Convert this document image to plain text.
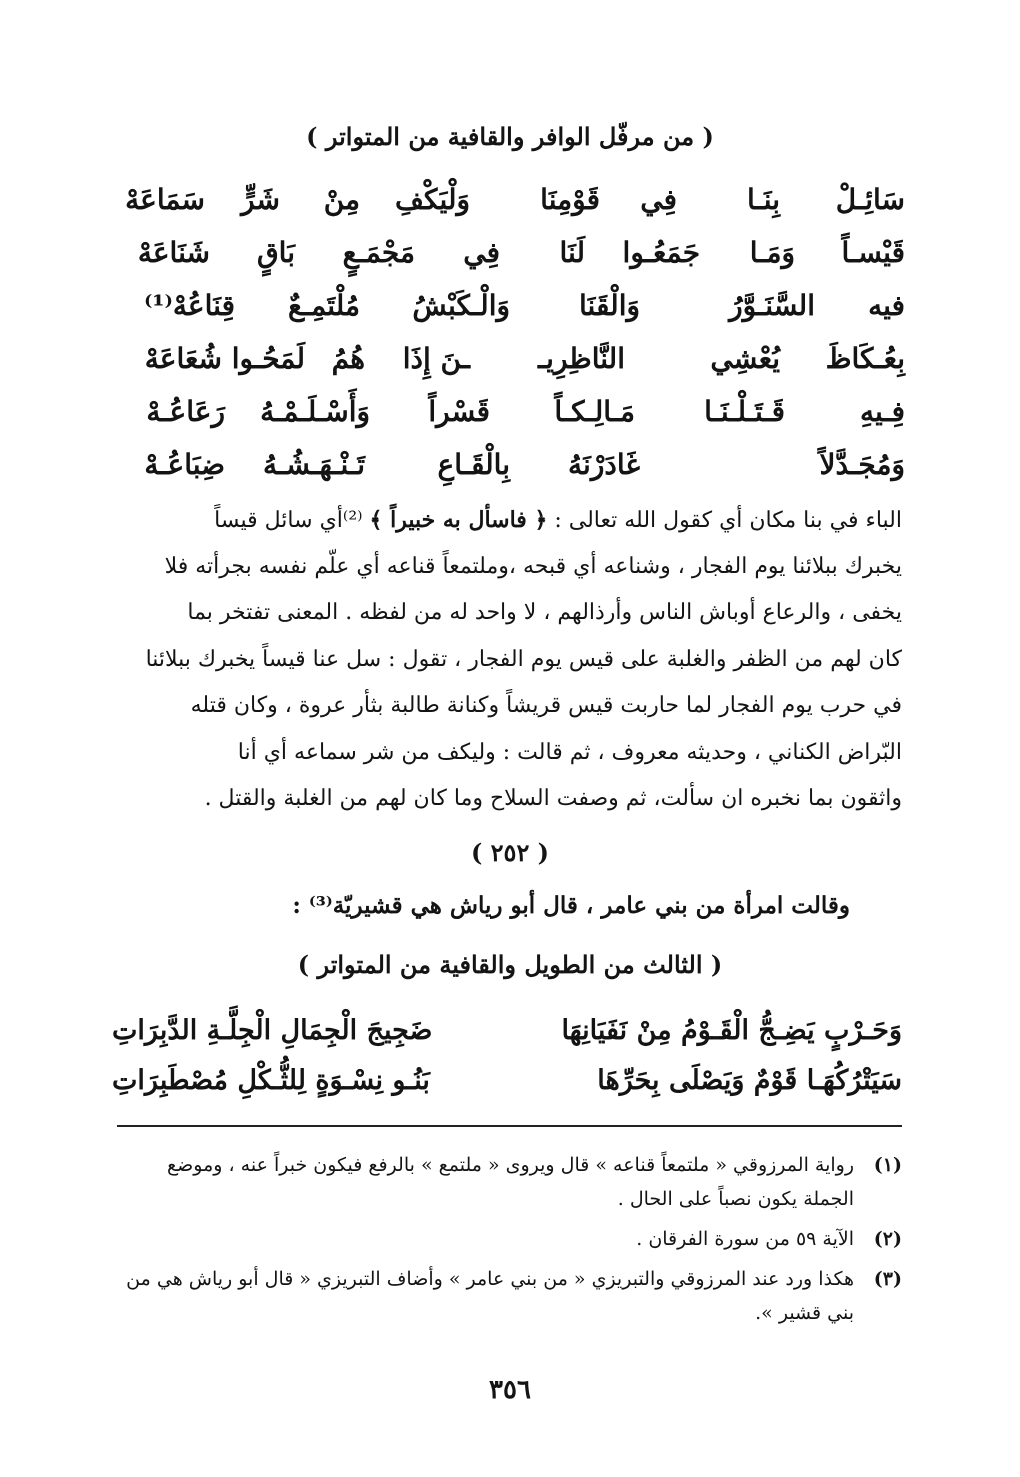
( من مرفّل الوافر والقافية من المتواتر )
سَائِـلْ
بِنَـا
فِي
قَوْمِنَا
وَلْيَكْفِ
مِنْ
شَرٍّ
سَمَاعَهْ
قَيْسـاً
وَمَـا
جَمَعُـوا
لَنَا
فِي
مَجْمَـعٍ
بَاقٍ
شَنَاعَهْ
فيه
السَّنَـوَّرُ
وَالْقَنَا
وَالْـكَبْشُ
مُلْتَمِـعٌ
قِنَاعُهْ⁽¹⁾
بِعُـكَاظَ
يُعْشِي
النَّاظِرِيـ
ـنَ إِذَا
هُمُ
لَمَحُـوا شُعَاعَهْ
فِـيهِ
قَـتَـلْـنَـا
مَـالِـكـاً
قَسْراً
وَأَسْـلَـمْـهُ
رَعَاعُـهْ
وَمُجَـدَّلاً
غَادَرْنَهُ
بِالْقَـاعِ
تَـنْـهَـشُـهُ
ضِبَاعُـهْ
الباء في بنا مكان أي كقول الله تعالى : ﴿ فاسأل به خبيراً ﴾ ⁽²⁾أي سائل قيساً
يخبرك ببلائنا يوم الفجار ، وشناعه أي قبحه ،وملتمعاً قناعه أي علّم نفسه بجرأته فلا
يخفى ، والرعاع أوباش الناس وأرذالهم ، لا واحد له من لفظه . المعنى تفتخر بما
كان لهم من الظفر والغلبة على قيس يوم الفجار ، تقول : سل عنا قيساً يخبرك ببلائنا
في حرب يوم الفجار لما حاربت قيس قريشاً وكنانة طالبة بثأر عروة ، وكان قتله
البّراض الكناني ، وحديثه معروف ، ثم قالت : وليكف من شر سماعه أي أنا
واثقون بما نخبره ان سألت، ثم وصفت السلاح وما كان لهم من الغلبة والقتل .
( ٢٥٢ )
وقالت امرأة من بني عامر ، قال أبو رياش هي قشيريّة⁽³⁾ :
( الثالث من الطويل والقافية من المتواتر )
وَحَـرْبٍ يَضِـجُّ الْقَـوْمُ مِنْ نَفَيَانِهَا
ضَجِيجَ الْجِمَالِ الْجِلَّـةِ الدَّبِرَاتِ
سَيَتْرُكُهَـا قَوْمٌ وَيَصْلَى بِحَرِّهَا
بَنُـو نِسْـوَةٍ لِلثُّـكْلِ مُصْطَبِرَاتِ
(١)
رواية المرزوقي « ملتمعاً قناعه » قال ويروى « ملتمع » بالرفع فيكون خبراً عنه ، وموضع الجملة يكون نصباً على الحال .
(٢)
الآية ٥٩ من سورة الفرقان .
(٣)
هكذا ورد عند المرزوقي والتبريزي « من بني عامر » وأضاف التبريزي « قال أبو رياش هي من بني قشير ».
٣٥٦
